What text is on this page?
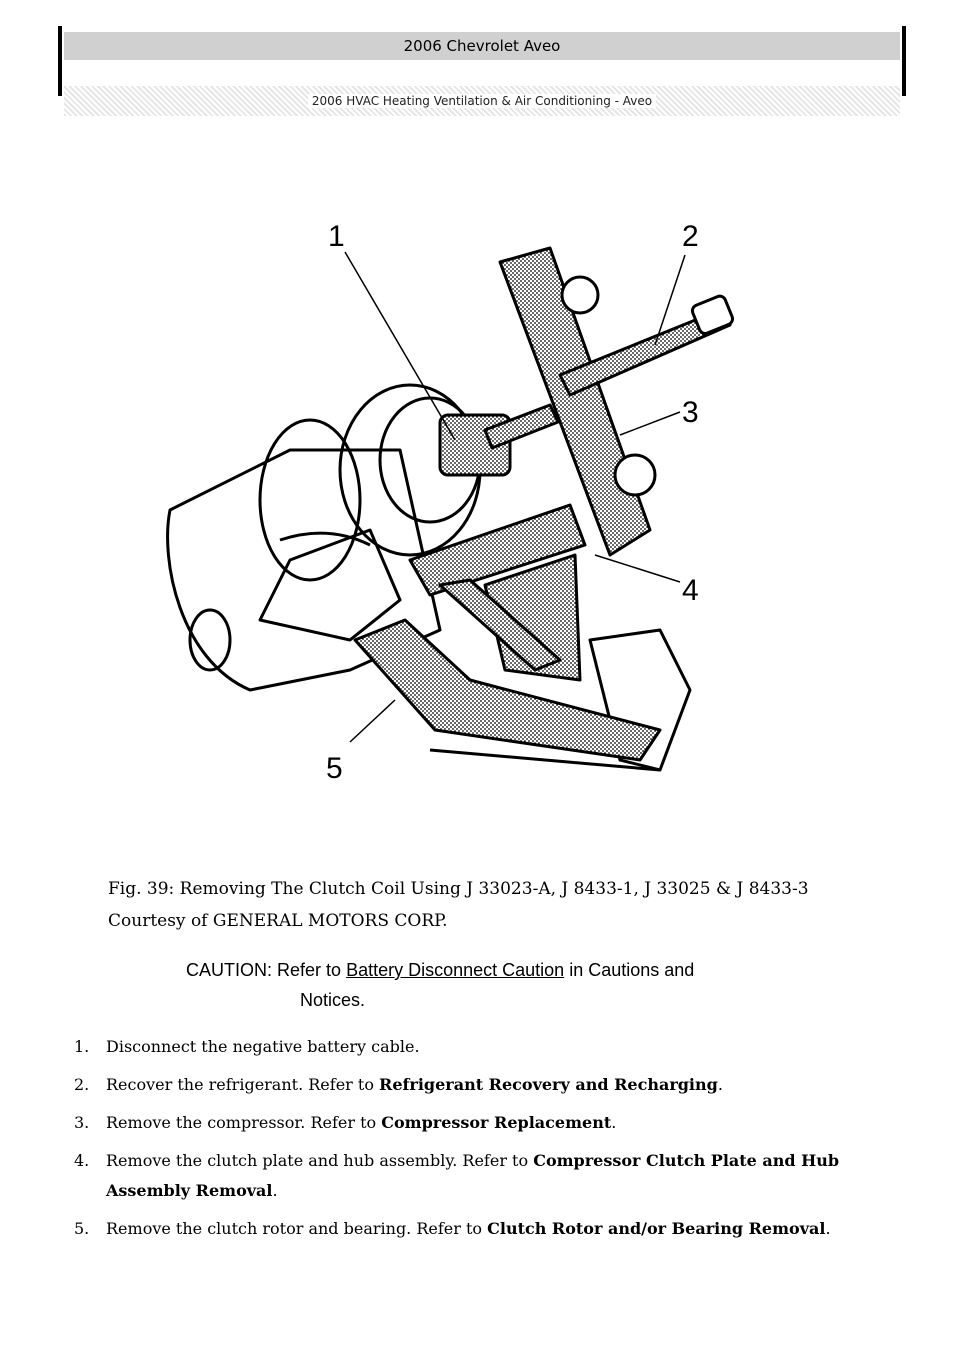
2006 Chevrolet Aveo
2006 HVAC Heating Ventilation & Air Conditioning - Aveo
1	2
3
4
5
Fig. 39: Removing The Clutch Coil Using J 33023-A, J 8433-1, J 33025 & J 8433-3
Courtesy of GENERAL MOTORS CORP.
CAUTION: Refer to Battery Disconnect Caution in Cautions and
Notices.
1.	Disconnect the negative battery cable.
2.	Recover the refrigerant. Refer to Refrigerant Recovery and Recharging.
3.	Remove the compressor. Refer to Compressor Replacement.
4.	Remove the clutch plate and hub assembly. Refer to Compressor Clutch Plate and Hub Assembly Removal.
5.	Remove the clutch rotor and bearing. Refer to Clutch Rotor and/or Bearing Removal.
